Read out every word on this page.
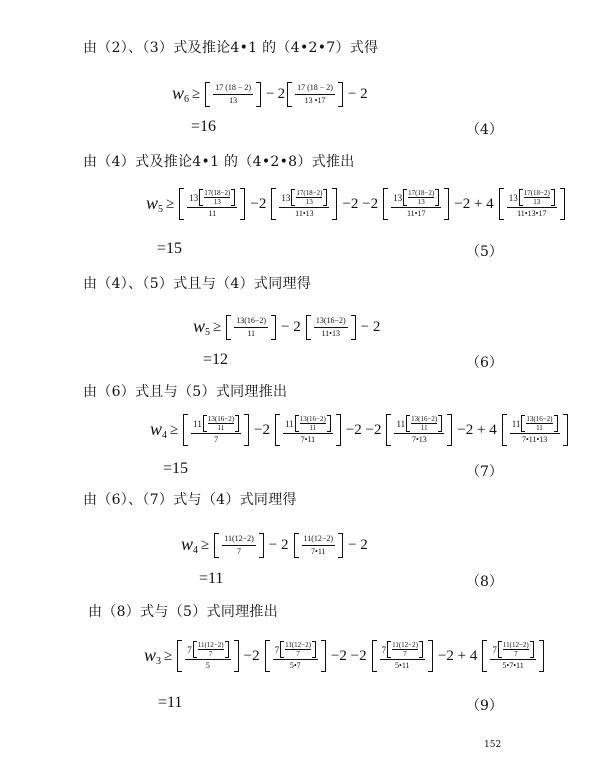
由（2）、（3）式及推论4•1 的（4•2•7）式得
$w_6 \ge \frac{17 (18 - 2)}{13} - 2 \frac{17 (18 - 2)}{13 •17} - 2$
=16	（4）
由（4）式及推论4•1 的（4•2•8）式推出
$w_5 \ge 13$ 17(18−2)
13
11 −2 13 17(18−2)
13
11•13 −2 −2 13 17(18−2)
13
11•17 −2 + 4 13 17(18−2)
13
11•13•17
=15	（5）
由（4）、（5）式且与（4）式同理得
$w_5 \ge \frac{13(16-2)}{11} - 2 \frac{13(16-2)}{11•13} - 2$
=12	（6）
由（6）式且与（5）式同理推出
$w_4 \ge 11$ 13(16−2)
11
7 −2 11 13(16−2)
11
7•11 −2 −2 11 13(16−2)
11
7•13 −2 + 4 11 13(16−2)
11
7•11•13
=15	（7）
由（6）、（7）式与（4）式同理得
$w_4 \ge \frac{11(12-2)}{7} - 2 \frac{11(12-2)}{7•11} - 2$
=11	（8）
由（8）式与（5）式同理推出
$w_3 \ge 7$ 11(12−2)
7
5 −2 7 11(12−2)
7
5•7 −2 −2 7 11(12−2)
7
5•11 −2 + 4 7 11(12−2)
7
5•7•11
=11	（9）
152
